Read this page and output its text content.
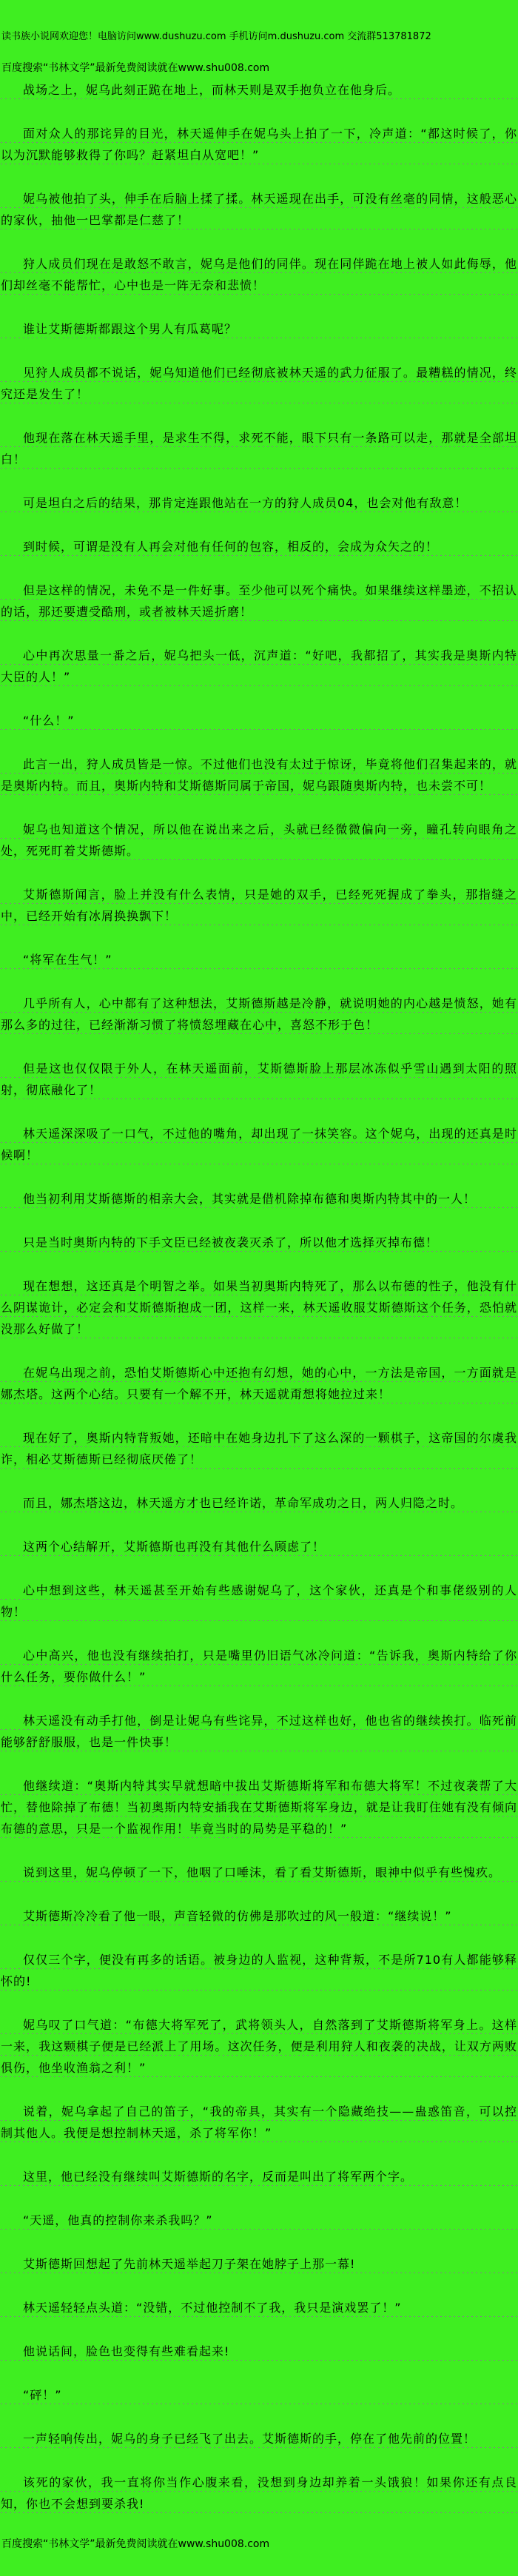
读书族小说网欢迎您！电脑访问www.dushuzu.com 手机访问m.dushuzu.com 交流群513781872
百度搜索“书林文学”最新免费阅读就在www.shu008.com

战场之上，妮乌此刻正跪在地上，而林天则是双手抱负立在他身后。

面对众人的那诧异的目光，林天遥伸手在妮乌头上拍了一下，冷声道：“都这时候了，你以为沉默能够救得了你吗？赶紧坦白从宽吧！”

妮乌被他拍了头，伸手在后脑上揉了揉。林天遥现在出手，可没有丝毫的同情，这般恶心的家伙，抽他一巴掌都是仁慈了！

狩人成员们现在是敢怒不敢言，妮乌是他们的同伴。现在同伴跪在地上被人如此侮辱，他们却丝毫不能帮忙，心中也是一阵无奈和悲愤！

谁让艾斯德斯都跟这个男人有瓜葛呢？

见狩人成员都不说话，妮乌知道他们已经彻底被林天遥的武力征服了。最糟糕的情况，终究还是发生了！

他现在落在林天遥手里，是求生不得，求死不能，眼下只有一条路可以走，那就是全部坦白！

可是坦白之后的结果，那肯定连跟他站在一方的狩人成员04，也会对他有敌意！

到时候，可谓是没有人再会对他有任何的包容，相反的，会成为众矢之的！

但是这样的情况，未免不是一件好事。至少他可以死个痛快。如果继续这样墨迹，不招认的话，那还要遭受酷刑，或者被林天遥折磨！

心中再次思量一番之后，妮乌把头一低，沉声道：“好吧，我都招了，其实我是奥斯内特大臣的人！”

“什么！”

此言一出，狩人成员皆是一惊。不过他们也没有太过于惊讶，毕竟将他们召集起来的，就是奥斯内特。而且，奥斯内特和艾斯德斯同属于帝国，妮乌跟随奥斯内特，也未尝不可！

妮乌也知道这个情况，所以他在说出来之后，头就已经微微偏向一旁，瞳孔转向眼角之处，死死盯着艾斯德斯。

艾斯德斯闻言，脸上并没有什么表情，只是她的双手，已经死死握成了拳头，那指缝之中，已经开始有冰屑换换飘下！

“将军在生气！”

几乎所有人，心中都有了这种想法，艾斯德斯越是冷静，就说明她的内心越是愤怒，她有那么多的过往，已经渐渐习惯了将愤怒埋藏在心中，喜怒不形于色！

但是这也仅仅限于外人，在林天遥面前，艾斯德斯脸上那层冰冻似乎雪山遇到太阳的照射，彻底融化了！

林天遥深深吸了一口气，不过他的嘴角，却出现了一抹笑容。这个妮乌，出现的还真是时候啊！

他当初利用艾斯德斯的相亲大会，其实就是借机除掉布德和奥斯内特其中的一人！

只是当时奥斯内特的下手文臣已经被夜袭灭杀了，所以他才选择灭掉布德！

现在想想，这还真是个明智之举。如果当初奥斯内特死了，那么以布德的性子，他没有什么阴谋诡计，必定会和艾斯德斯抱成一团，这样一来，林天遥收服艾斯德斯这个任务，恐怕就没那么好做了！

在妮乌出现之前，恐怕艾斯德斯心中还抱有幻想，她的心中，一方法是帝国，一方面就是娜杰塔。这两个心结。只要有一个解不开，林天遥就甭想将她拉过来！

现在好了，奥斯内特背叛她，还暗中在她身边扎下了这么深的一颗棋子，这帝国的尔虞我诈，相必艾斯德斯已经彻底厌倦了！

而且，娜杰塔这边，林天遥方才也已经许诺，革命军成功之日，两人归隐之时。

这两个心结解开，艾斯德斯也再没有其他什么顾虑了！

心中想到这些，林天遥甚至开始有些感谢妮乌了，这个家伙，还真是个和事佬级别的人物！

心中高兴，他也没有继续拍打，只是嘴里仍旧语气冰冷问道：“告诉我，奥斯内特给了你什么任务，要你做什么！”

林天遥没有动手打他，倒是让妮乌有些诧异，不过这样也好，他也省的继续挨打。临死前能够舒舒服服，也是一件快事！

他继续道：“奥斯内特其实早就想暗中拔出艾斯德斯将军和布德大将军！不过夜袭帮了大忙，替他除掉了布德！当初奥斯内特安插我在艾斯德斯将军身边，就是让我盯住她有没有倾向布德的意思，只是一个监视作用！毕竟当时的局势是平稳的！”

说到这里，妮乌停顿了一下，他咽了口唾沫，看了看艾斯德斯，眼神中似乎有些愧疚。

艾斯德斯冷冷看了他一眼，声音轻微的仿佛是那吹过的风一般道：“继续说！”

仅仅三个字，便没有再多的话语。被身边的人监视，这种背叛，不是所710有人都能够释怀的!

妮乌叹了口气道：“布德大将军死了，武将领头人，自然落到了艾斯德斯将军身上。这样一来，我这颗棋子便是已经派上了用场。这次任务，便是利用狩人和夜袭的决战，让双方两败俱伤，他坐收渔翁之利！”

说着，妮乌拿起了自己的笛子，“我的帝具，其实有一个隐藏绝技——蛊惑笛音，可以控制其他人。我便是想控制林天遥，杀了将军你！”

这里，他已经没有继续叫艾斯德斯的名字，反而是叫出了将军两个字。

“天遥，他真的控制你来杀我吗？”

艾斯德斯回想起了先前林天遥举起刀子架在她脖子上那一幕!

林天遥轻轻点头道：“没错，不过他控制不了我，我只是演戏罢了！”

他说话间，脸色也变得有些难看起来!

“砰！”

一声轻响传出，妮乌的身子已经飞了出去。艾斯德斯的手，停在了他先前的位置！

该死的家伙，我一直将你当作心腹来看，没想到身边却养着一头饿狼！如果你还有点良知，你也不会想到要杀我!

百度搜索“书林文学”最新免费阅读就在www.shu008.com
